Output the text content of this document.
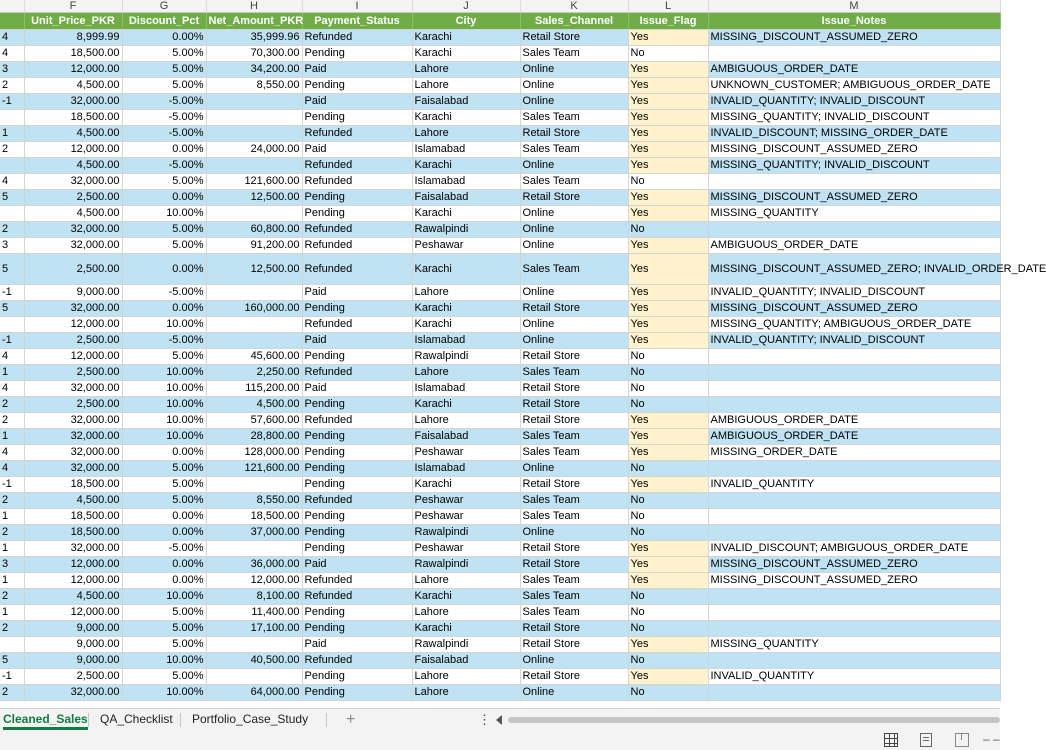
	F	G	H	I	J	K	L	M
	Unit_Price_PKR	Discount_Pct	Net_Amount_PKR	Payment_Status	City	Sales_Channel	Issue_Flag	Issue_Notes
4	8,999.99	0.00%	35,999.96	Refunded	Karachi	Retail Store	Yes	MISSING_DISCOUNT_ASSUMED_ZERO
4	18,500.00	5.00%	70,300.00	Pending	Karachi	Sales Team	No	
3	12,000.00	5.00%	34,200.00	Paid	Lahore	Online	Yes	AMBIGUOUS_ORDER_DATE
2	4,500.00	5.00%	8,550.00	Pending	Lahore	Online	Yes	UNKNOWN_CUSTOMER; AMBIGUOUS_ORDER_DATE
-1	32,000.00	-5.00%		Paid	Faisalabad	Online	Yes	INVALID_QUANTITY; INVALID_DISCOUNT
	18,500.00	-5.00%		Pending	Karachi	Sales Team	Yes	MISSING_QUANTITY; INVALID_DISCOUNT
1	4,500.00	-5.00%		Refunded	Lahore	Retail Store	Yes	INVALID_DISCOUNT; MISSING_ORDER_DATE
2	12,000.00	0.00%	24,000.00	Paid	Islamabad	Sales Team	Yes	MISSING_DISCOUNT_ASSUMED_ZERO
	4,500.00	-5.00%		Refunded	Karachi	Online	Yes	MISSING_QUANTITY; INVALID_DISCOUNT
4	32,000.00	5.00%	121,600.00	Refunded	Islamabad	Sales Team	No	
5	2,500.00	0.00%	12,500.00	Pending	Faisalabad	Retail Store	Yes	MISSING_DISCOUNT_ASSUMED_ZERO
	4,500.00	10.00%		Pending	Karachi	Online	Yes	MISSING_QUANTITY
2	32,000.00	5.00%	60,800.00	Refunded	Rawalpindi	Online	No	
3	32,000.00	5.00%	91,200.00	Refunded	Peshawar	Online	Yes	AMBIGUOUS_ORDER_DATE
5	2,500.00	0.00%	12,500.00	Refunded	Karachi	Sales Team	Yes	MISSING_DISCOUNT_ASSUMED_ZERO; INVALID_ORDER_DATE
-1	9,000.00	-5.00%		Paid	Lahore	Online	Yes	INVALID_QUANTITY; INVALID_DISCOUNT
5	32,000.00	0.00%	160,000.00	Pending	Karachi	Retail Store	Yes	MISSING_DISCOUNT_ASSUMED_ZERO
	12,000.00	10.00%		Refunded	Karachi	Online	Yes	MISSING_QUANTITY; AMBIGUOUS_ORDER_DATE
-1	2,500.00	-5.00%		Paid	Islamabad	Online	Yes	INVALID_QUANTITY; INVALID_DISCOUNT
4	12,000.00	5.00%	45,600.00	Pending	Rawalpindi	Retail Store	No	
1	2,500.00	10.00%	2,250.00	Refunded	Lahore	Sales Team	No	
4	32,000.00	10.00%	115,200.00	Paid	Islamabad	Retail Store	No	
2	2,500.00	10.00%	4,500.00	Pending	Karachi	Retail Store	No	
2	32,000.00	10.00%	57,600.00	Refunded	Lahore	Retail Store	Yes	AMBIGUOUS_ORDER_DATE
1	32,000.00	10.00%	28,800.00	Pending	Faisalabad	Sales Team	Yes	AMBIGUOUS_ORDER_DATE
4	32,000.00	0.00%	128,000.00	Pending	Peshawar	Sales Team	Yes	MISSING_ORDER_DATE
4	32,000.00	5.00%	121,600.00	Pending	Islamabad	Online	No	
-1	18,500.00	5.00%		Pending	Karachi	Retail Store	Yes	INVALID_QUANTITY
2	4,500.00	5.00%	8,550.00	Refunded	Peshawar	Sales Team	No	
1	18,500.00	0.00%	18,500.00	Pending	Peshawar	Sales Team	No	
2	18,500.00	0.00%	37,000.00	Pending	Rawalpindi	Online	No	
1	32,000.00	-5.00%		Pending	Peshawar	Retail Store	Yes	INVALID_DISCOUNT; AMBIGUOUS_ORDER_DATE
3	12,000.00	0.00%	36,000.00	Paid	Rawalpindi	Retail Store	Yes	MISSING_DISCOUNT_ASSUMED_ZERO
1	12,000.00	0.00%	12,000.00	Refunded	Lahore	Sales Team	Yes	MISSING_DISCOUNT_ASSUMED_ZERO
2	4,500.00	10.00%	8,100.00	Refunded	Karachi	Sales Team	No	
1	12,000.00	5.00%	11,400.00	Pending	Lahore	Sales Team	No	
2	9,000.00	5.00%	17,100.00	Pending	Karachi	Retail Store	No	
	9,000.00	5.00%		Paid	Rawalpindi	Retail Store	Yes	MISSING_QUANTITY
5	9,000.00	10.00%	40,500.00	Refunded	Faisalabad	Online	No	
-1	2,500.00	5.00%		Pending	Lahore	Retail Store	Yes	INVALID_QUANTITY
2	32,000.00	10.00%	64,000.00	Pending	Lahore	Online	No	
Cleaned_Sales QA_Checklist Portfolio_Case_Study +	⋮
– –
